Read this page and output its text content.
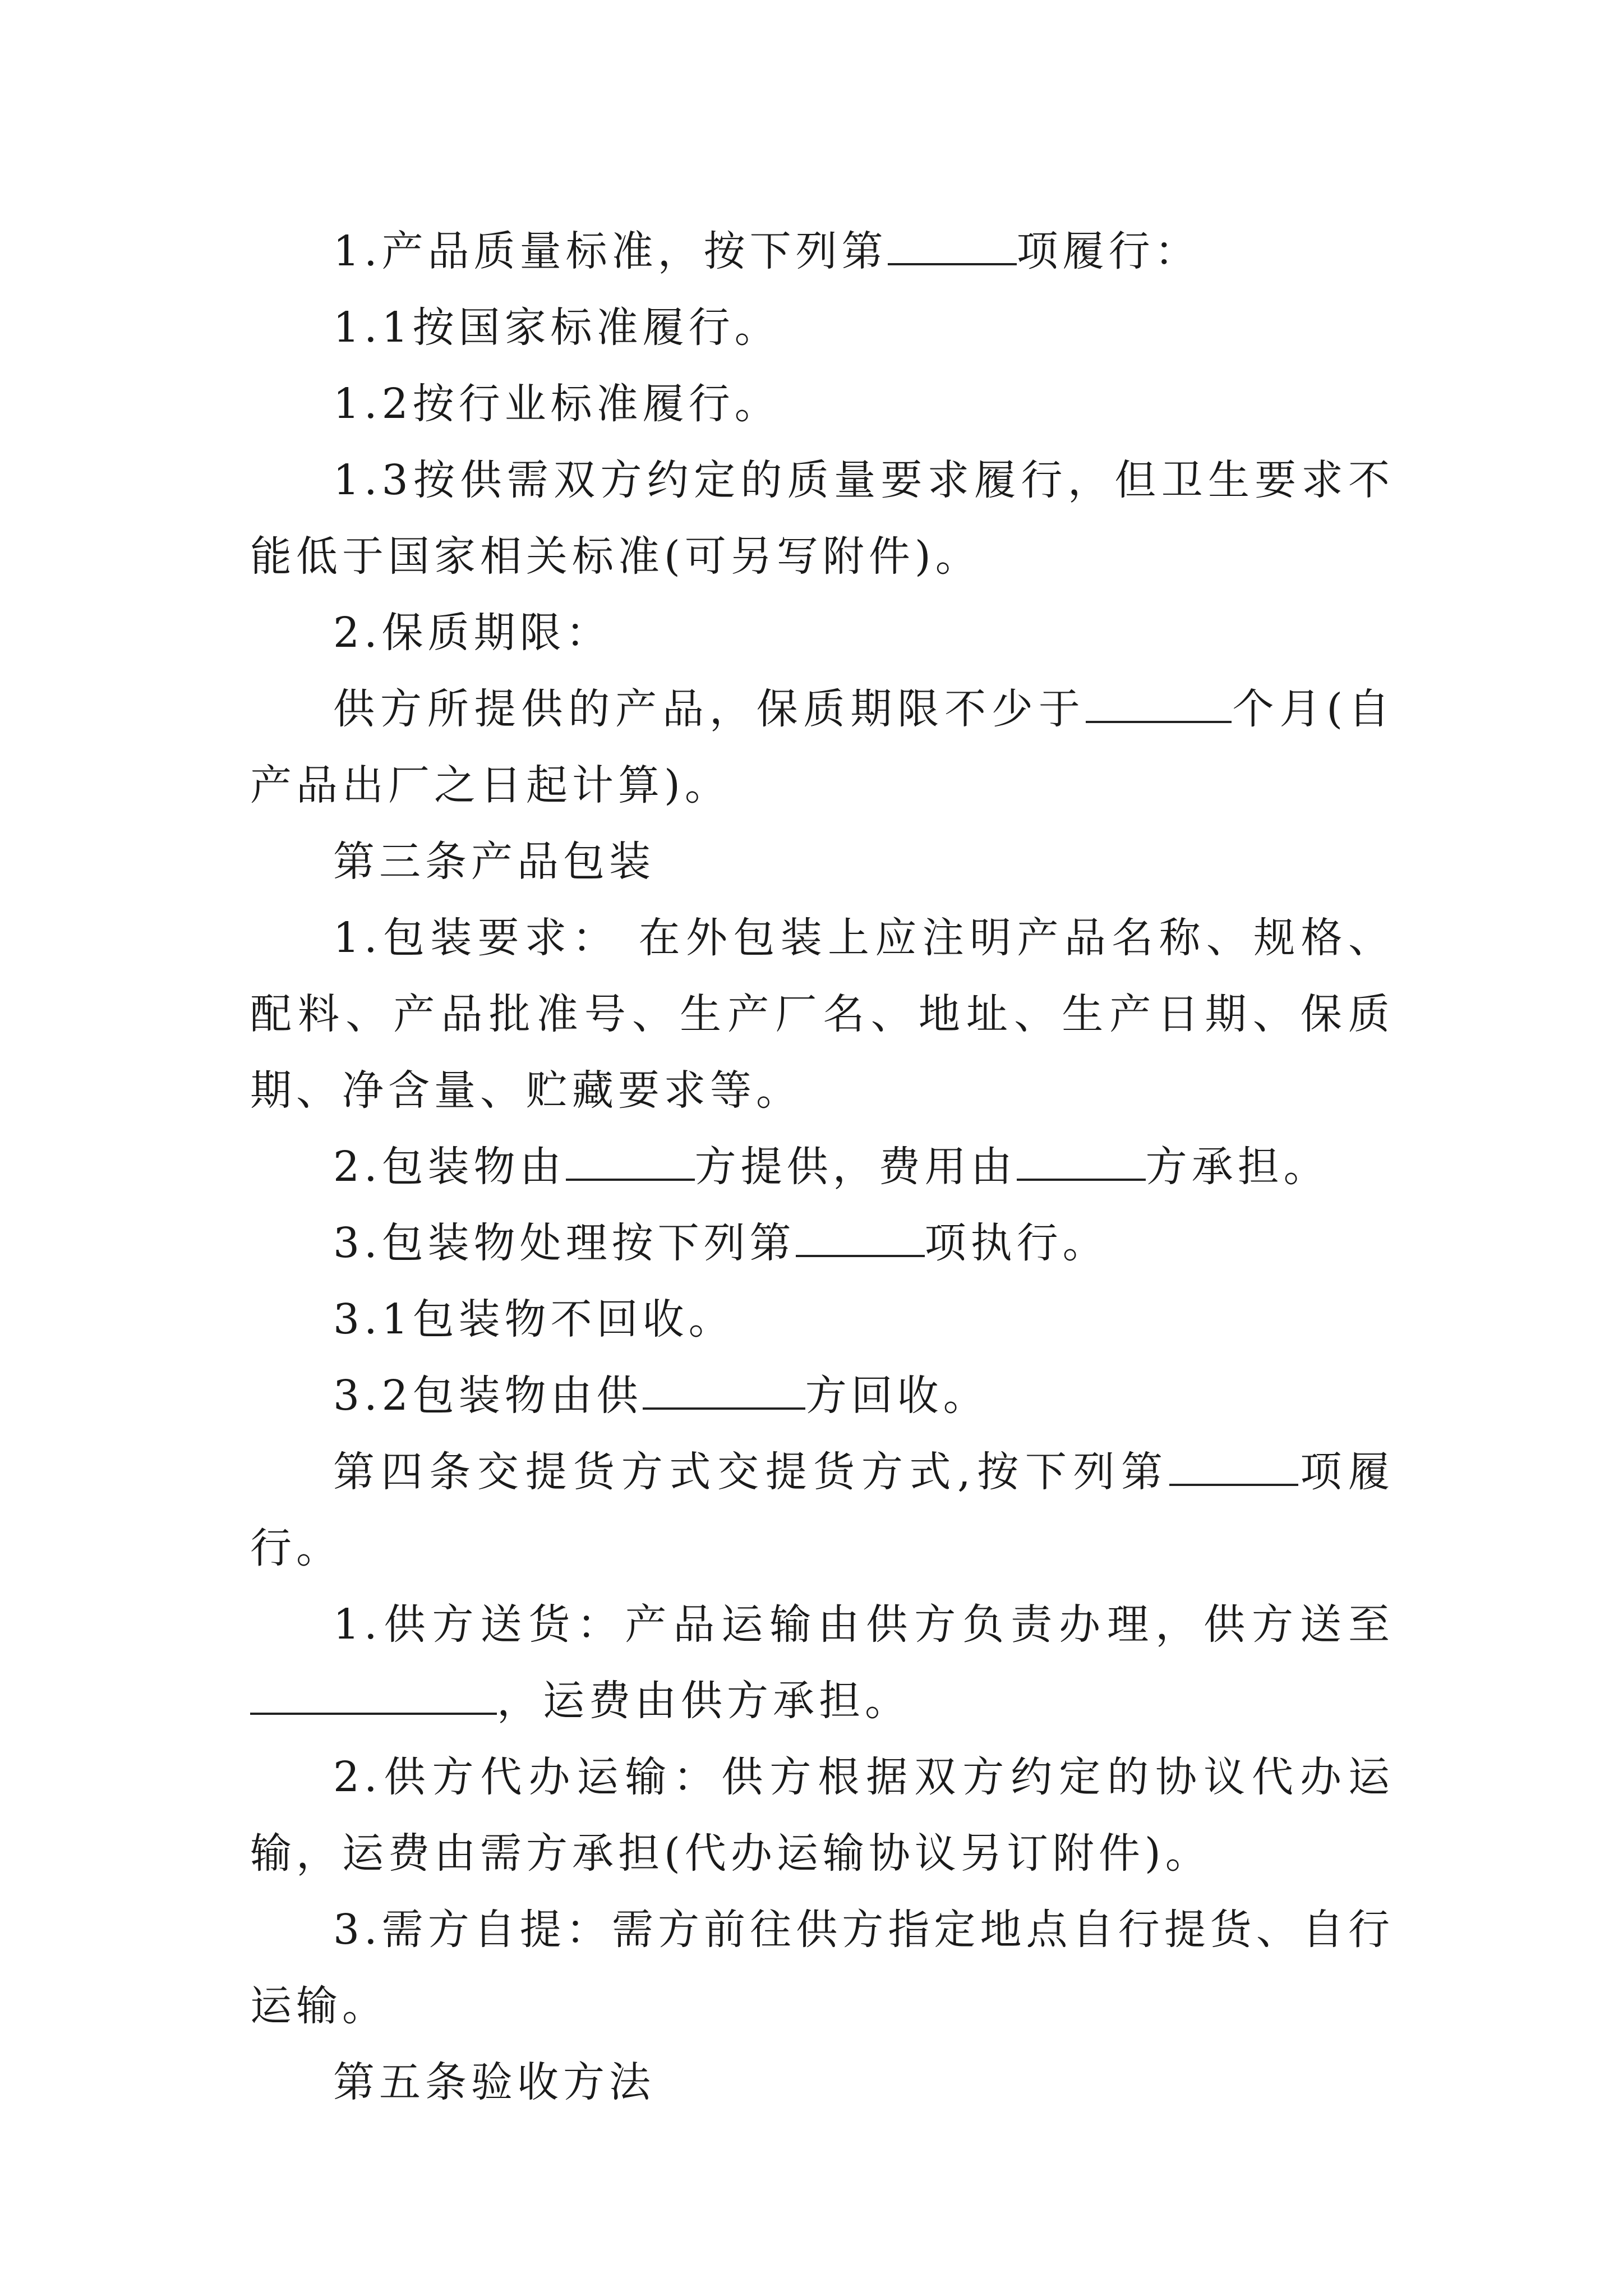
1.产品质量标准，按下列第	项履行：

1.1按国家标准履行。

1.2按行业标准履行。

1.3按供需双方约定的质量要求履行，但卫生要求不能低于国家相关标准(可另写附件)。

2.保质期限：

供方所提供的产品，保质期限不少于	个月(自产品出厂之日起计算)。

第三条产品包装

1.包装要求： 在外包装上应注明产品名称、规格、配料、产品批准号、生产厂名、地址、生产日期、保质期、净含量、贮藏要求等。

2.包装物由	方提供，费用由	方承担。

3.包装物处理按下列第	项执行。

3.1包装物不回收。

3.2包装物由供	方回收。

第四条交提货方式交提货方式,按下列第	项履行。

1.供方送货：产品运输由供方负责办理，供方送至，运费由供方承担。

2.供方代办运输：供方根据双方约定的协议代办运输，运费由需方承担(代办运输协议另订附件)。

3.需方自提：需方前往供方指定地点自行提货、自行运输。

第五条验收方法
